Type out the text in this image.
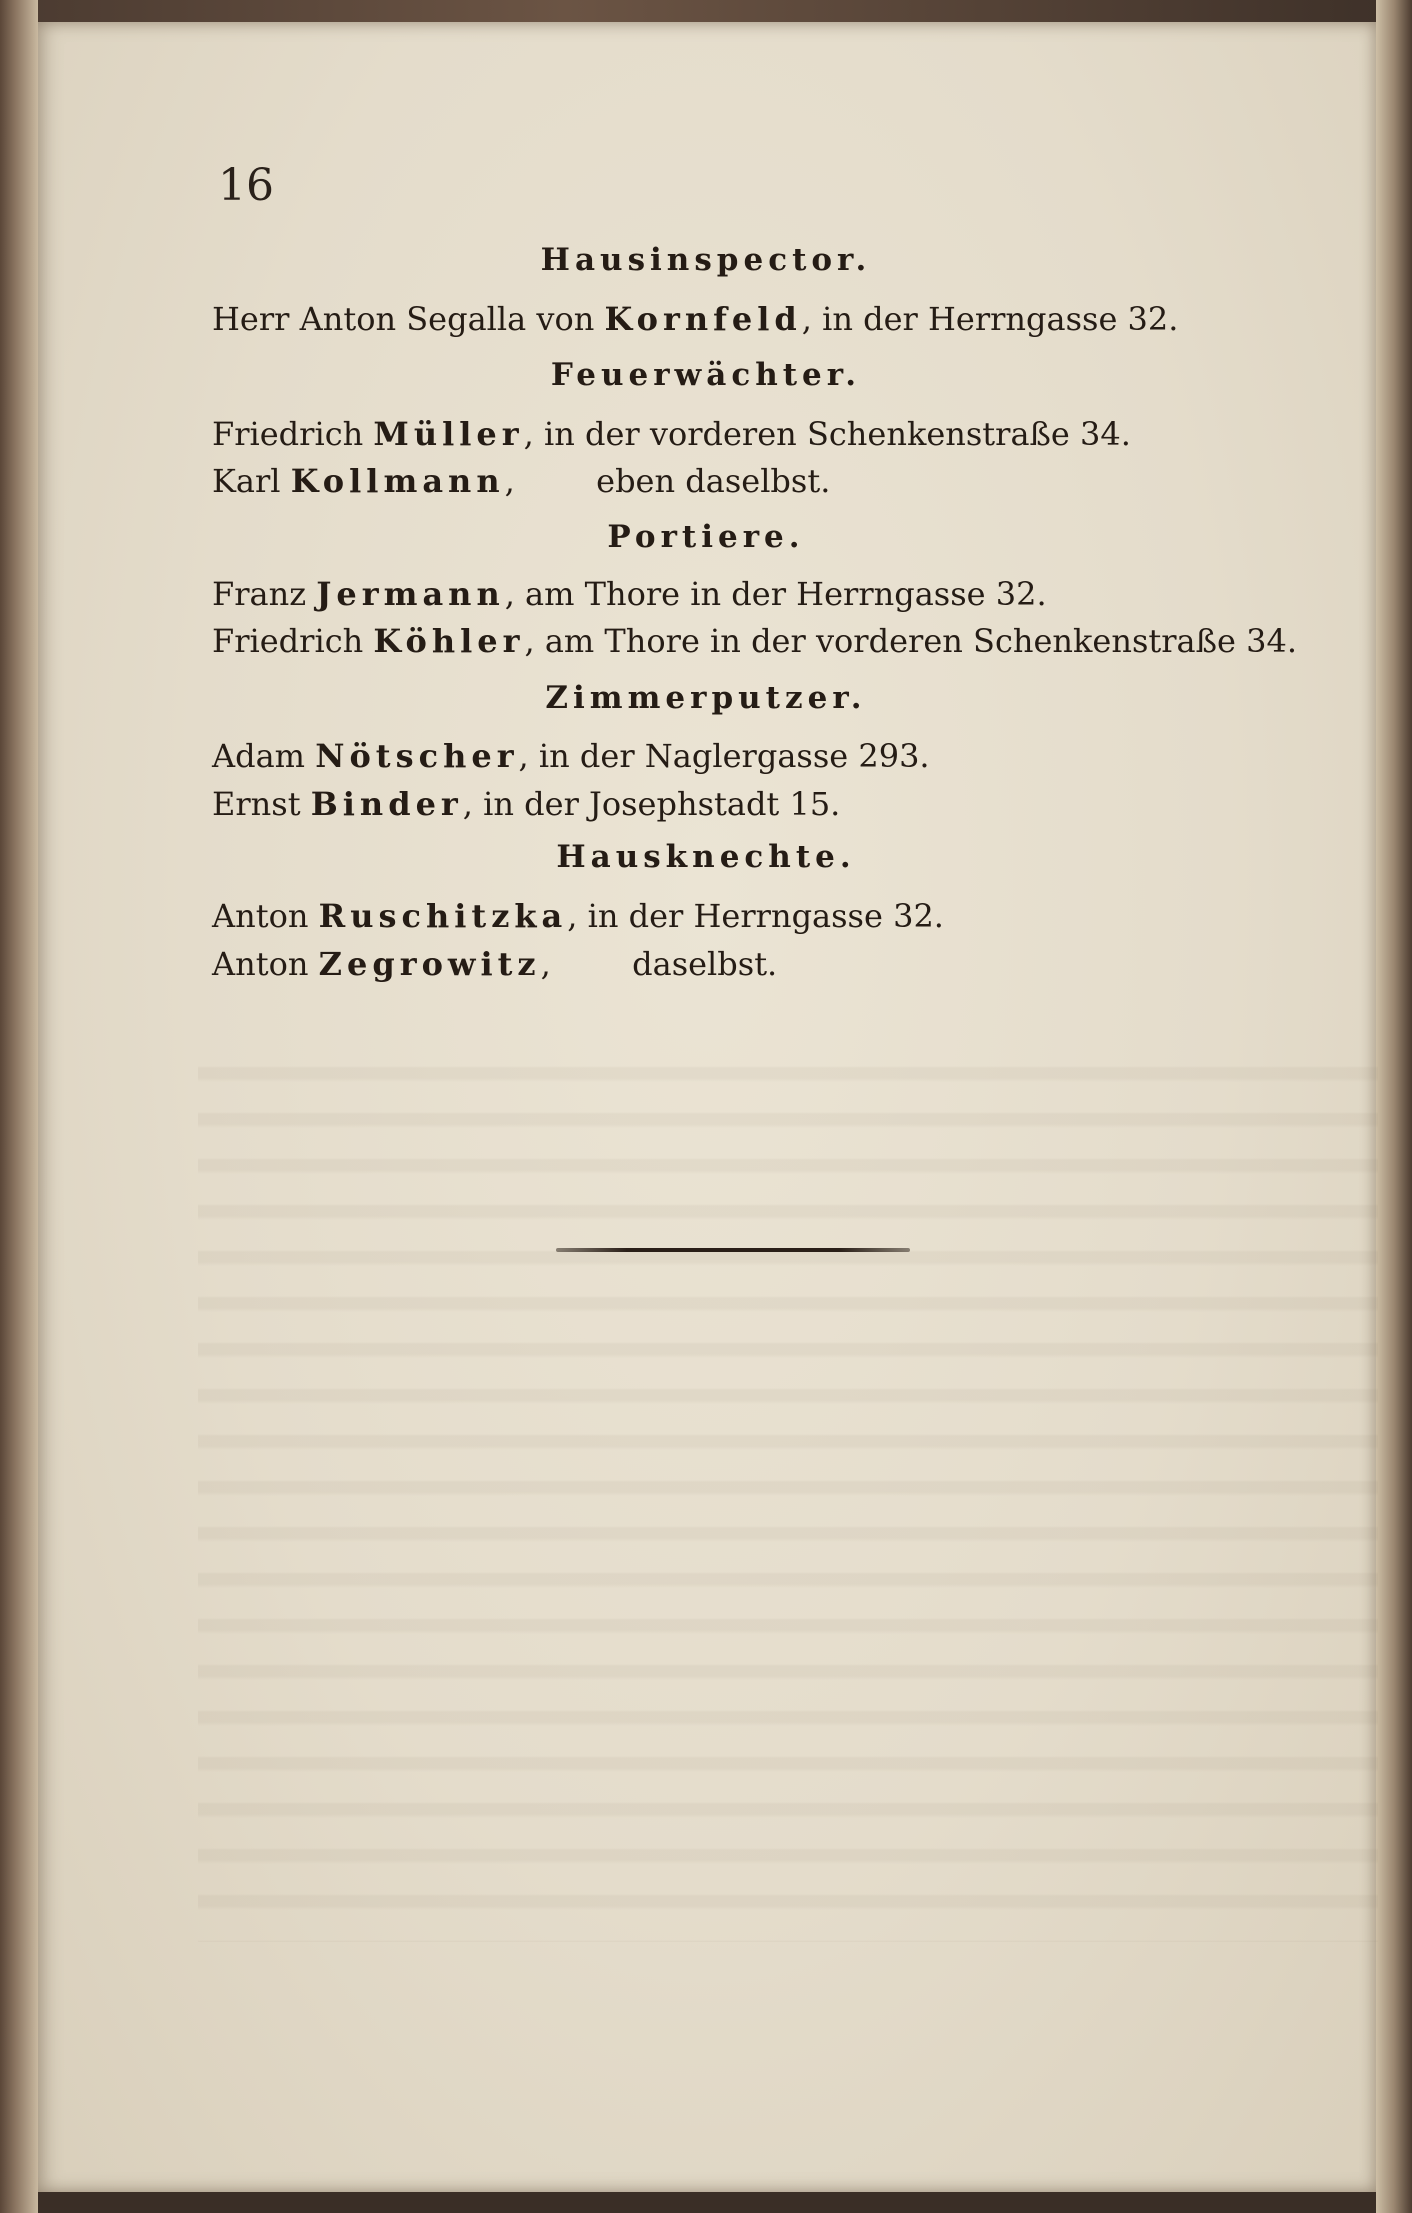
16
Hausinspector.
Herr Anton Segalla von Kornfeld, in der Herrngasse 32.
Feuerwächter.
Friedrich Müller, in der vorderen Schenkenstraße 34.
Karl Kollmann,        eben daselbst.
Portiere.
Franz Jermann, am Thore in der Herrngasse 32.
Friedrich Köhler, am Thore in der vorderen Schenkenstraße 34.
Zimmerputzer.
Adam Nötscher, in der Naglergasse 293.
Ernst Binder, in der Josephstadt 15.
Hausknechte.
Anton Ruschitzka, in der Herrngasse 32.
Anton Zegrowitz,        daselbst.
